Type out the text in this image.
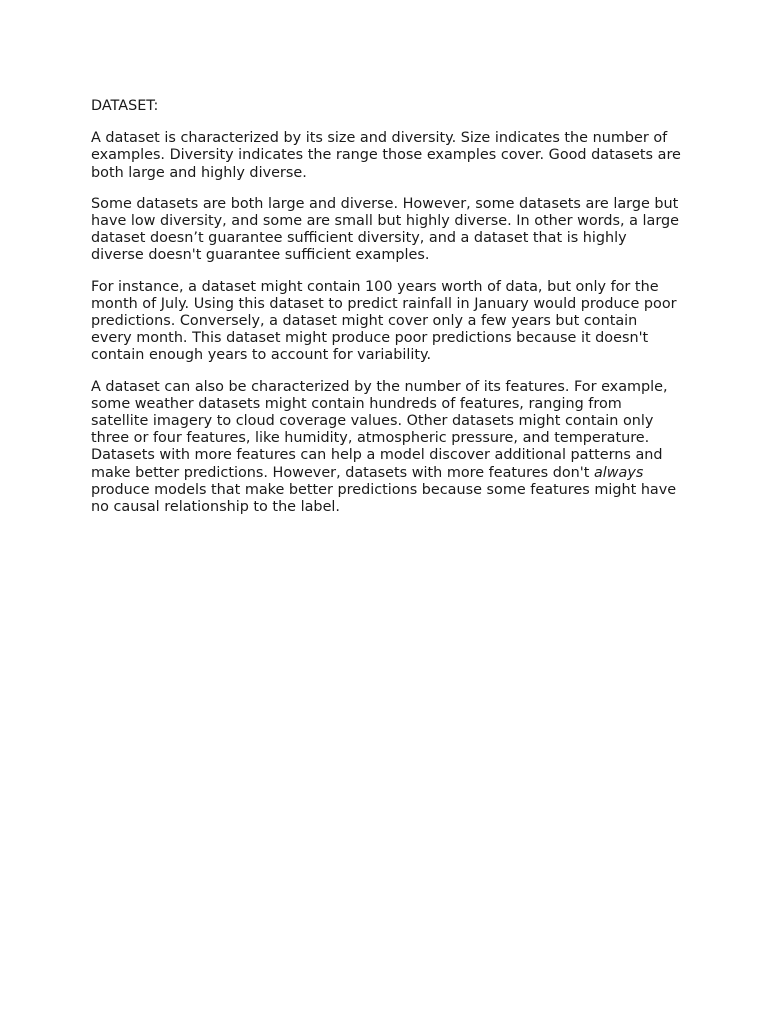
DATASET:
A dataset is characterized by its size and diversity. Size indicates the number of examples. Diversity indicates the range those examples cover. Good datasets are both large and highly diverse.
Some datasets are both large and diverse. However, some datasets are large but have low diversity, and some are small but highly diverse. In other words, a large dataset doesn’t guarantee sufficient diversity, and a dataset that is highly diverse doesn't guarantee sufficient examples.
For instance, a dataset might contain 100 years worth of data, but only for the month of July. Using this dataset to predict rainfall in January would produce poor predictions. Conversely, a dataset might cover only a few years but contain every month. This dataset might produce poor predictions because it doesn't contain enough years to account for variability.
A dataset can also be characterized by the number of its features. For example, some weather datasets might contain hundreds of features, ranging from satellite imagery to cloud coverage values. Other datasets might contain only three or four features, like humidity, atmospheric pressure, and temperature. Datasets with more features can help a model discover additional patterns and make better predictions. However, datasets with more features don't always produce models that make better predictions because some features might have no causal relationship to the label.
